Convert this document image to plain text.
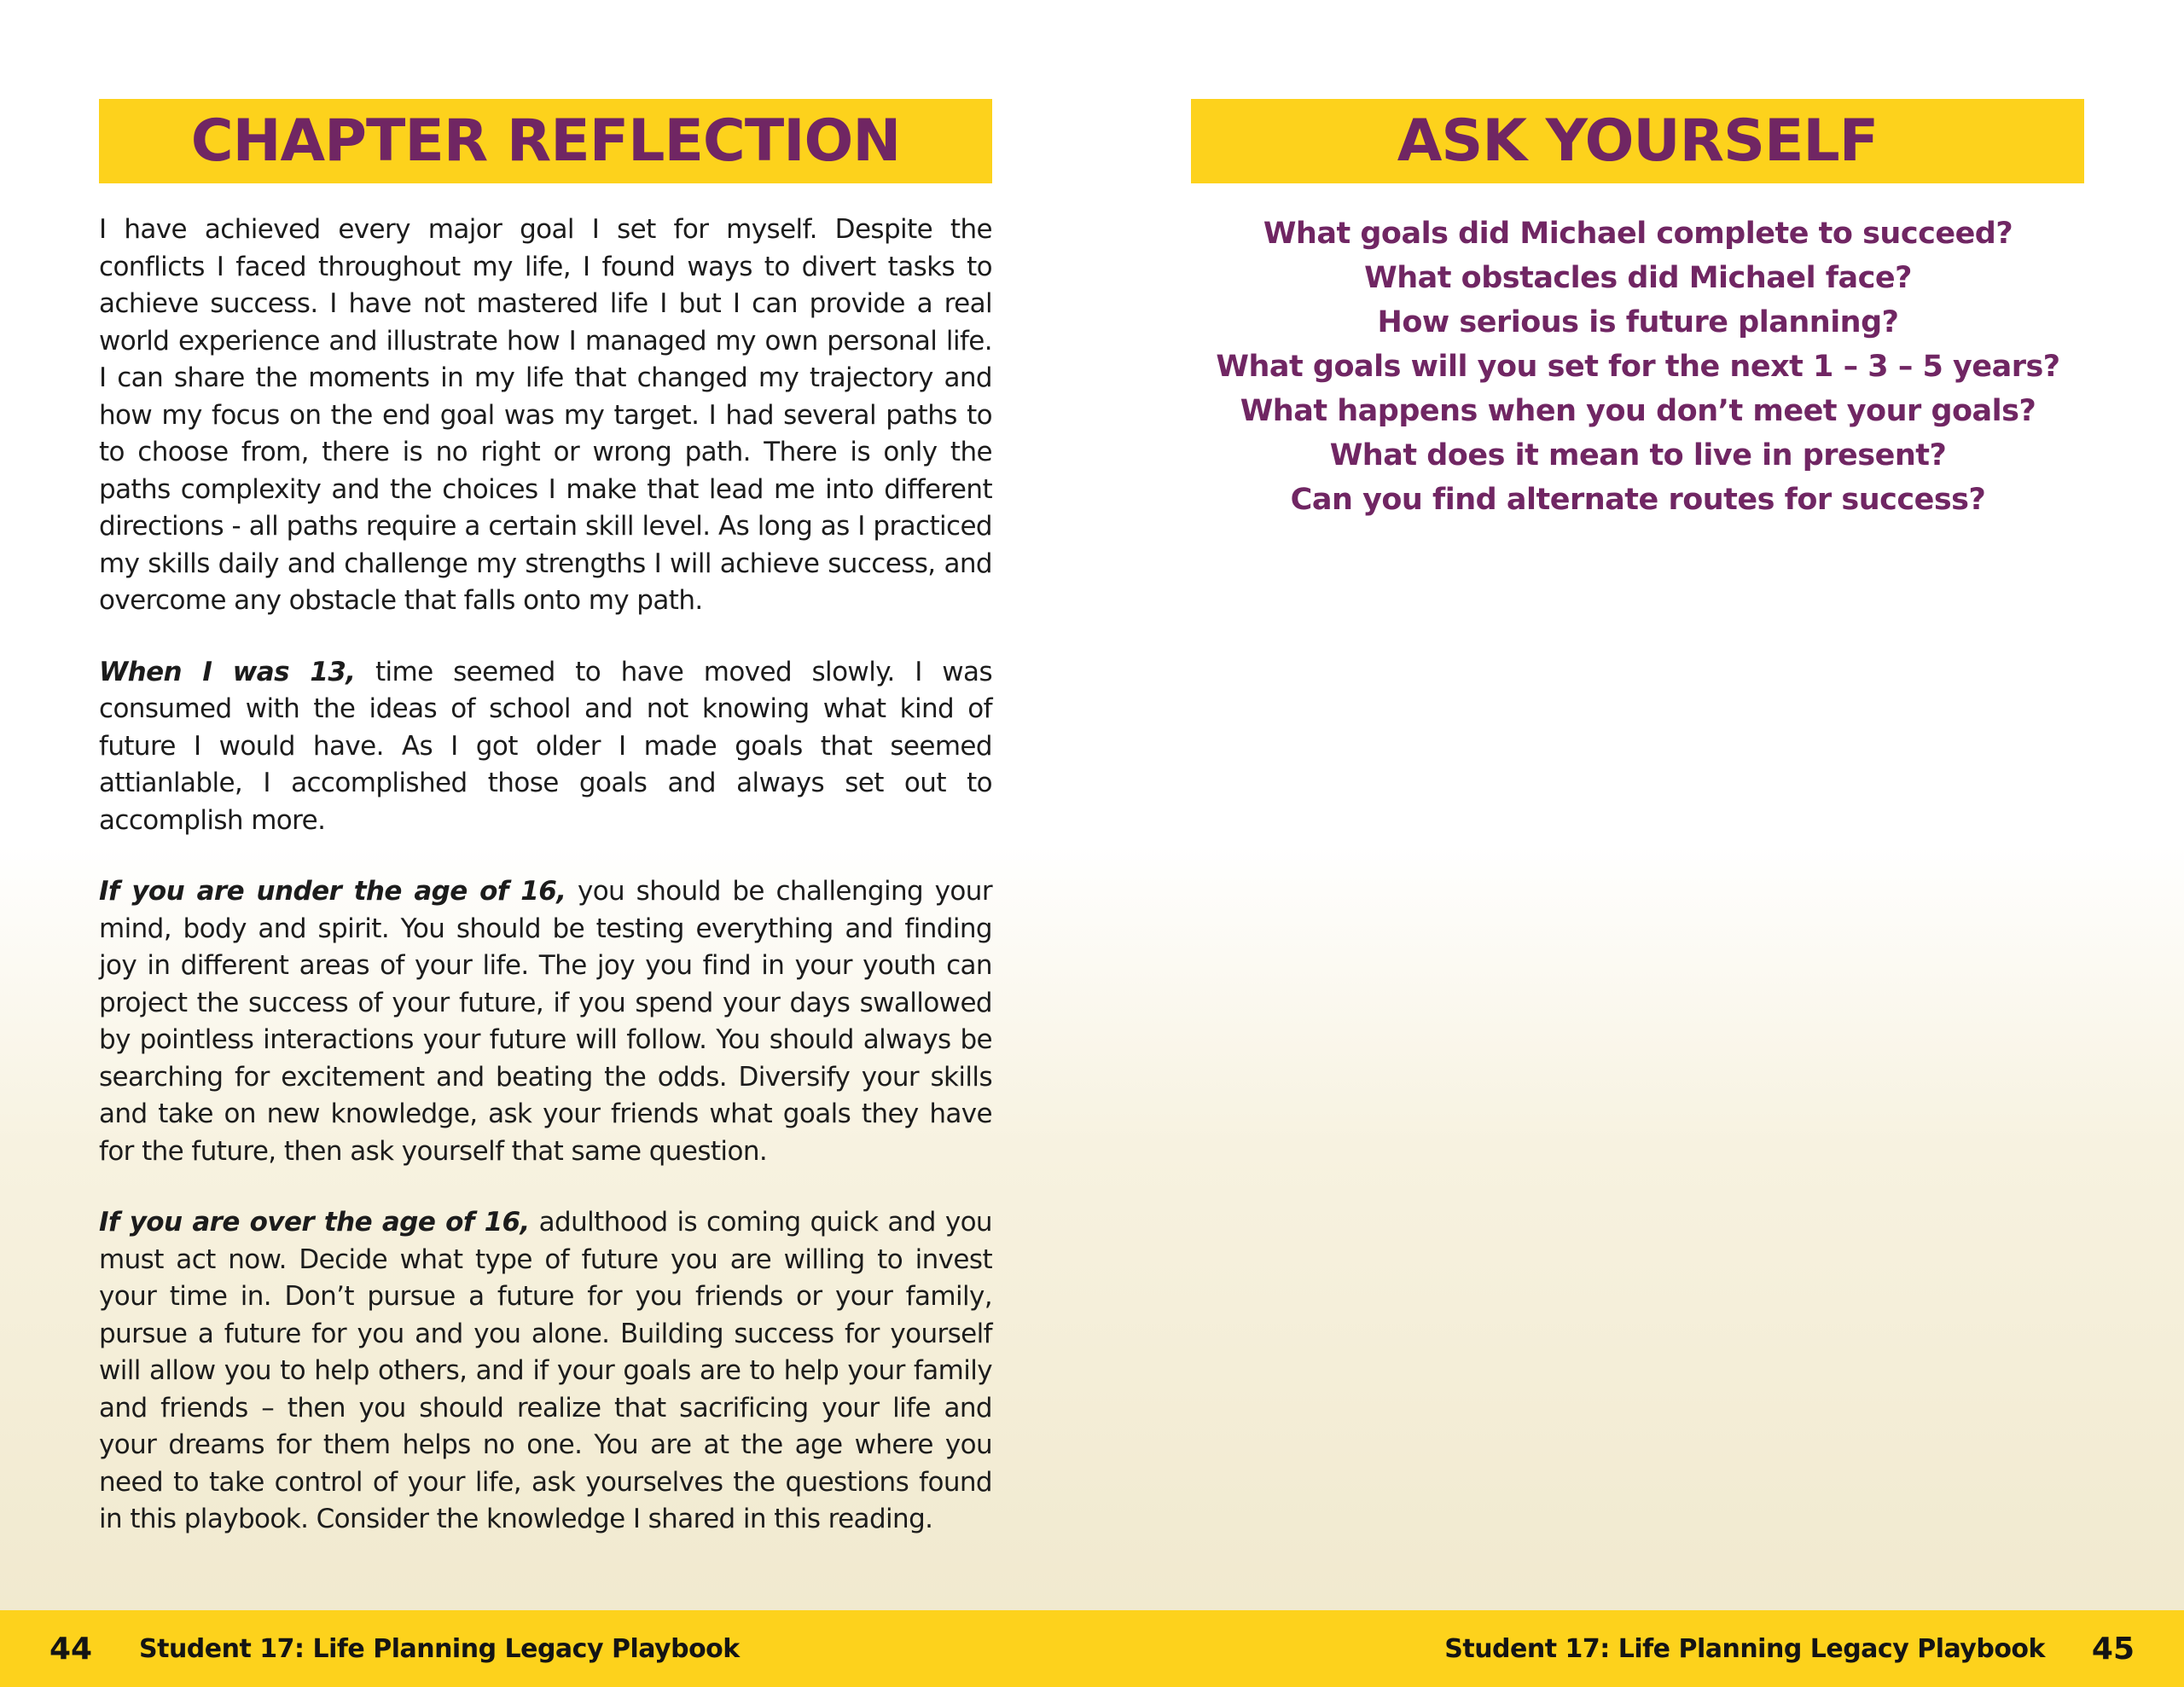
CHAPTER REFLECTION

I have achieved every major goal I set for myself. Despite the conflicts I faced throughout my life, I found ways to divert tasks to achieve success. I have not mastered life I but I can provide a real world experience and illustrate how I managed my own personal life. I can share the moments in my life that changed my trajectory and how my focus on the end goal was my target. I had several paths to to choose from, there is no right or wrong path. There is only the paths complexity and the choices I make that lead me into different directions - all paths require a certain skill level. As long as I practiced my skills daily and challenge my strengths I will achieve success, and overcome any obstacle that falls onto my path.

When I was 13, time seemed to have moved slowly. I was consumed with the ideas of school and not knowing what kind of future I would have. As I got older I made goals that seemed attianlable, I accomplished those goals and always set out to accomplish more.

If you are under the age of 16, you should be challenging your mind, body and spirit. You should be testing everything and finding joy in different areas of your life. The joy you find in your youth can project the success of your future, if you spend your days swallowed by pointless interactions your future will follow. You should always be searching for excitement and beating the odds. Diversify your skills and take on new knowledge, ask your friends what goals they have for the future, then ask yourself that same question.

If you are over the age of 16, adulthood is coming quick and you must act now. Decide what type of future you are willing to invest your time in. Don’t pursue a future for you friends or your family, pursue a future for you and you alone. Building success for yourself will allow you to help others, and if your goals are to help your family and friends – then you should realize that sacrificing your life and your dreams for them helps no one. You are at the age where you need to take control of your life, ask yourselves the questions found in this playbook. Consider the knowledge I shared in this reading.

ASK YOURSELF
What goals did Michael complete to succeed?
What obstacles did Michael face?
How serious is future planning?
What goals will you set for the next 1 – 3 – 5 years?
What happens when you don’t meet your goals?
What does it mean to live in present?
Can you find alternate routes for success?
44 Student 17: Life Planning Legacy Playbook	Student 17: Life Planning Legacy Playbook 45
